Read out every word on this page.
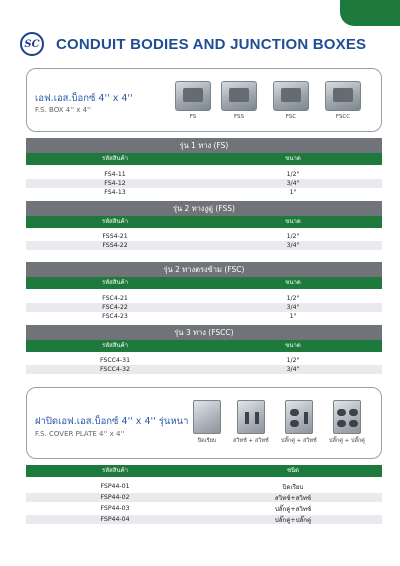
SC CONDUIT BODIES AND JUNCTION BOXES
เอฟ.เอส.บ็อกซ์ 4'' x 4''
F.S. BOX 4'' x 4''
FS	FSS	FSC	FSCC
รุ่น 1 ทาง (FS)
รหัสสินค้า	ขนาด
FS4-11	1/2"
FS4-12	3/4"
FS4-13	1"
รุ่น 2 ทางงูดู่ (FSS)
รหัสสินค้า	ขนาด
FSS4-21	1/2"
FSS4-22	3/4"
รุ่น 2 ทางตรงข้าม (FSC)
รหัสสินค้า	ขนาด
FSC4-21	1/2"
FSC4-22	3/4"
FSC4-23	1"
รุ่น 3 ทาง (FSCC)
รหัสสินค้า	ขนาด
FSCC4-31	1/2"
FSCC4-32	3/4"
ฝาปิดเอฟ.เอส.บ็อกซ์ 4'' x 4'' รุ่นหนา
F.S. COVER PLATE 4'' x 4''
ปิดเรียบ	สวิทช์ + สวิทช์ ปลั๊กคู่ + สวิทช์ ปลั๊กคู่ + ปลั๊กคู่
รหัสสินค้า	ชนิด
FSP44-01	ปิดเรียบ
FSP44-02	สวิทช์+สวิทช์
FSP44-03	ปลั๊กคู่+สวิทช์
FSP44-04	ปลั๊กคู่+ปลั๊กคู่
